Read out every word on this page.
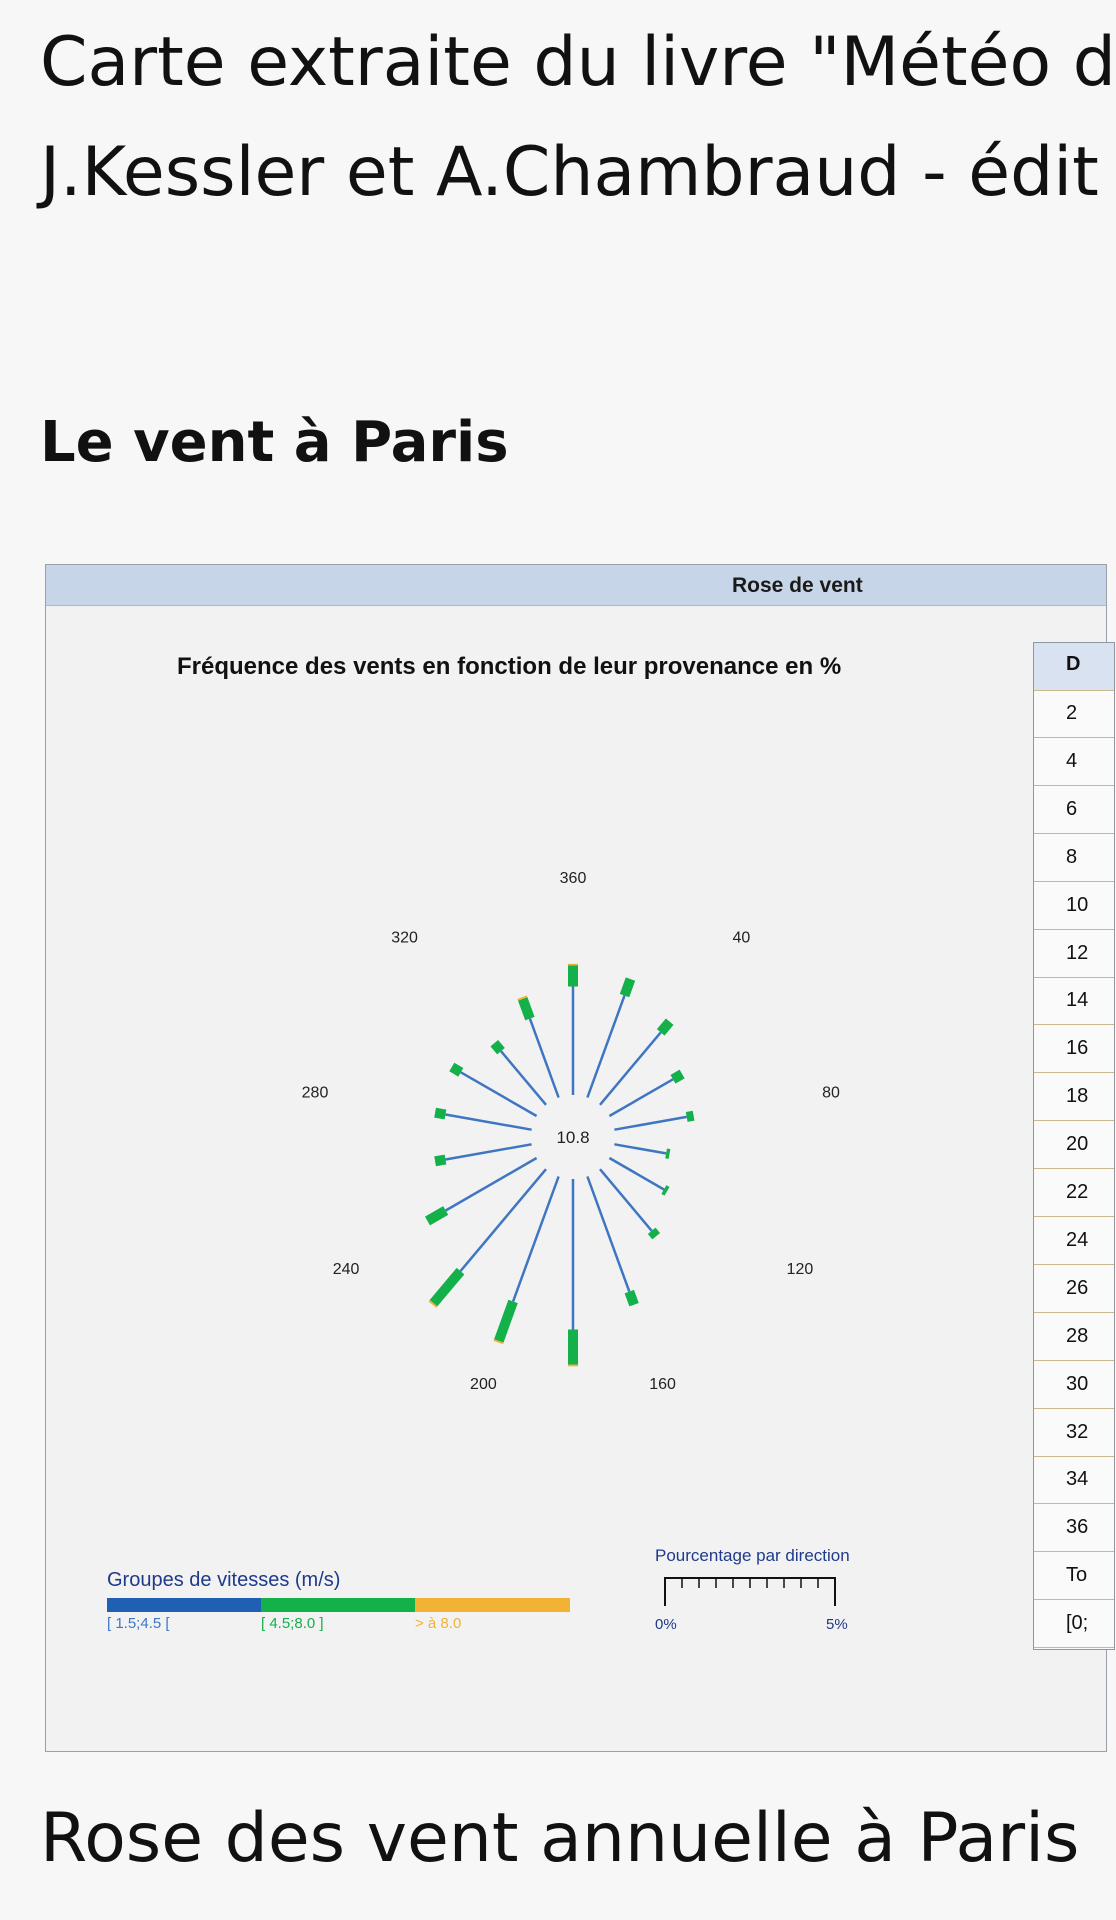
Carte extraite du livre "Météo d
J.Kessler et A.Chambraud - édit
Le vent à Paris
Rose de vent
Fréquence des vents en fonction de leur provenance en %
10.8
360
40
80
120
160
200
240
280
320
Groupes de vitesses (m/s)
[ 1.5;4.5 [	[ 4.5;8.0 ]	> à 8.0
Pourcentage par direction
0%	5%
D
2
4
6
8
10
12
14
16
18
20
22
24
26
28
30
32
34
36
To
[0;
Rose des vent annuelle à Paris
